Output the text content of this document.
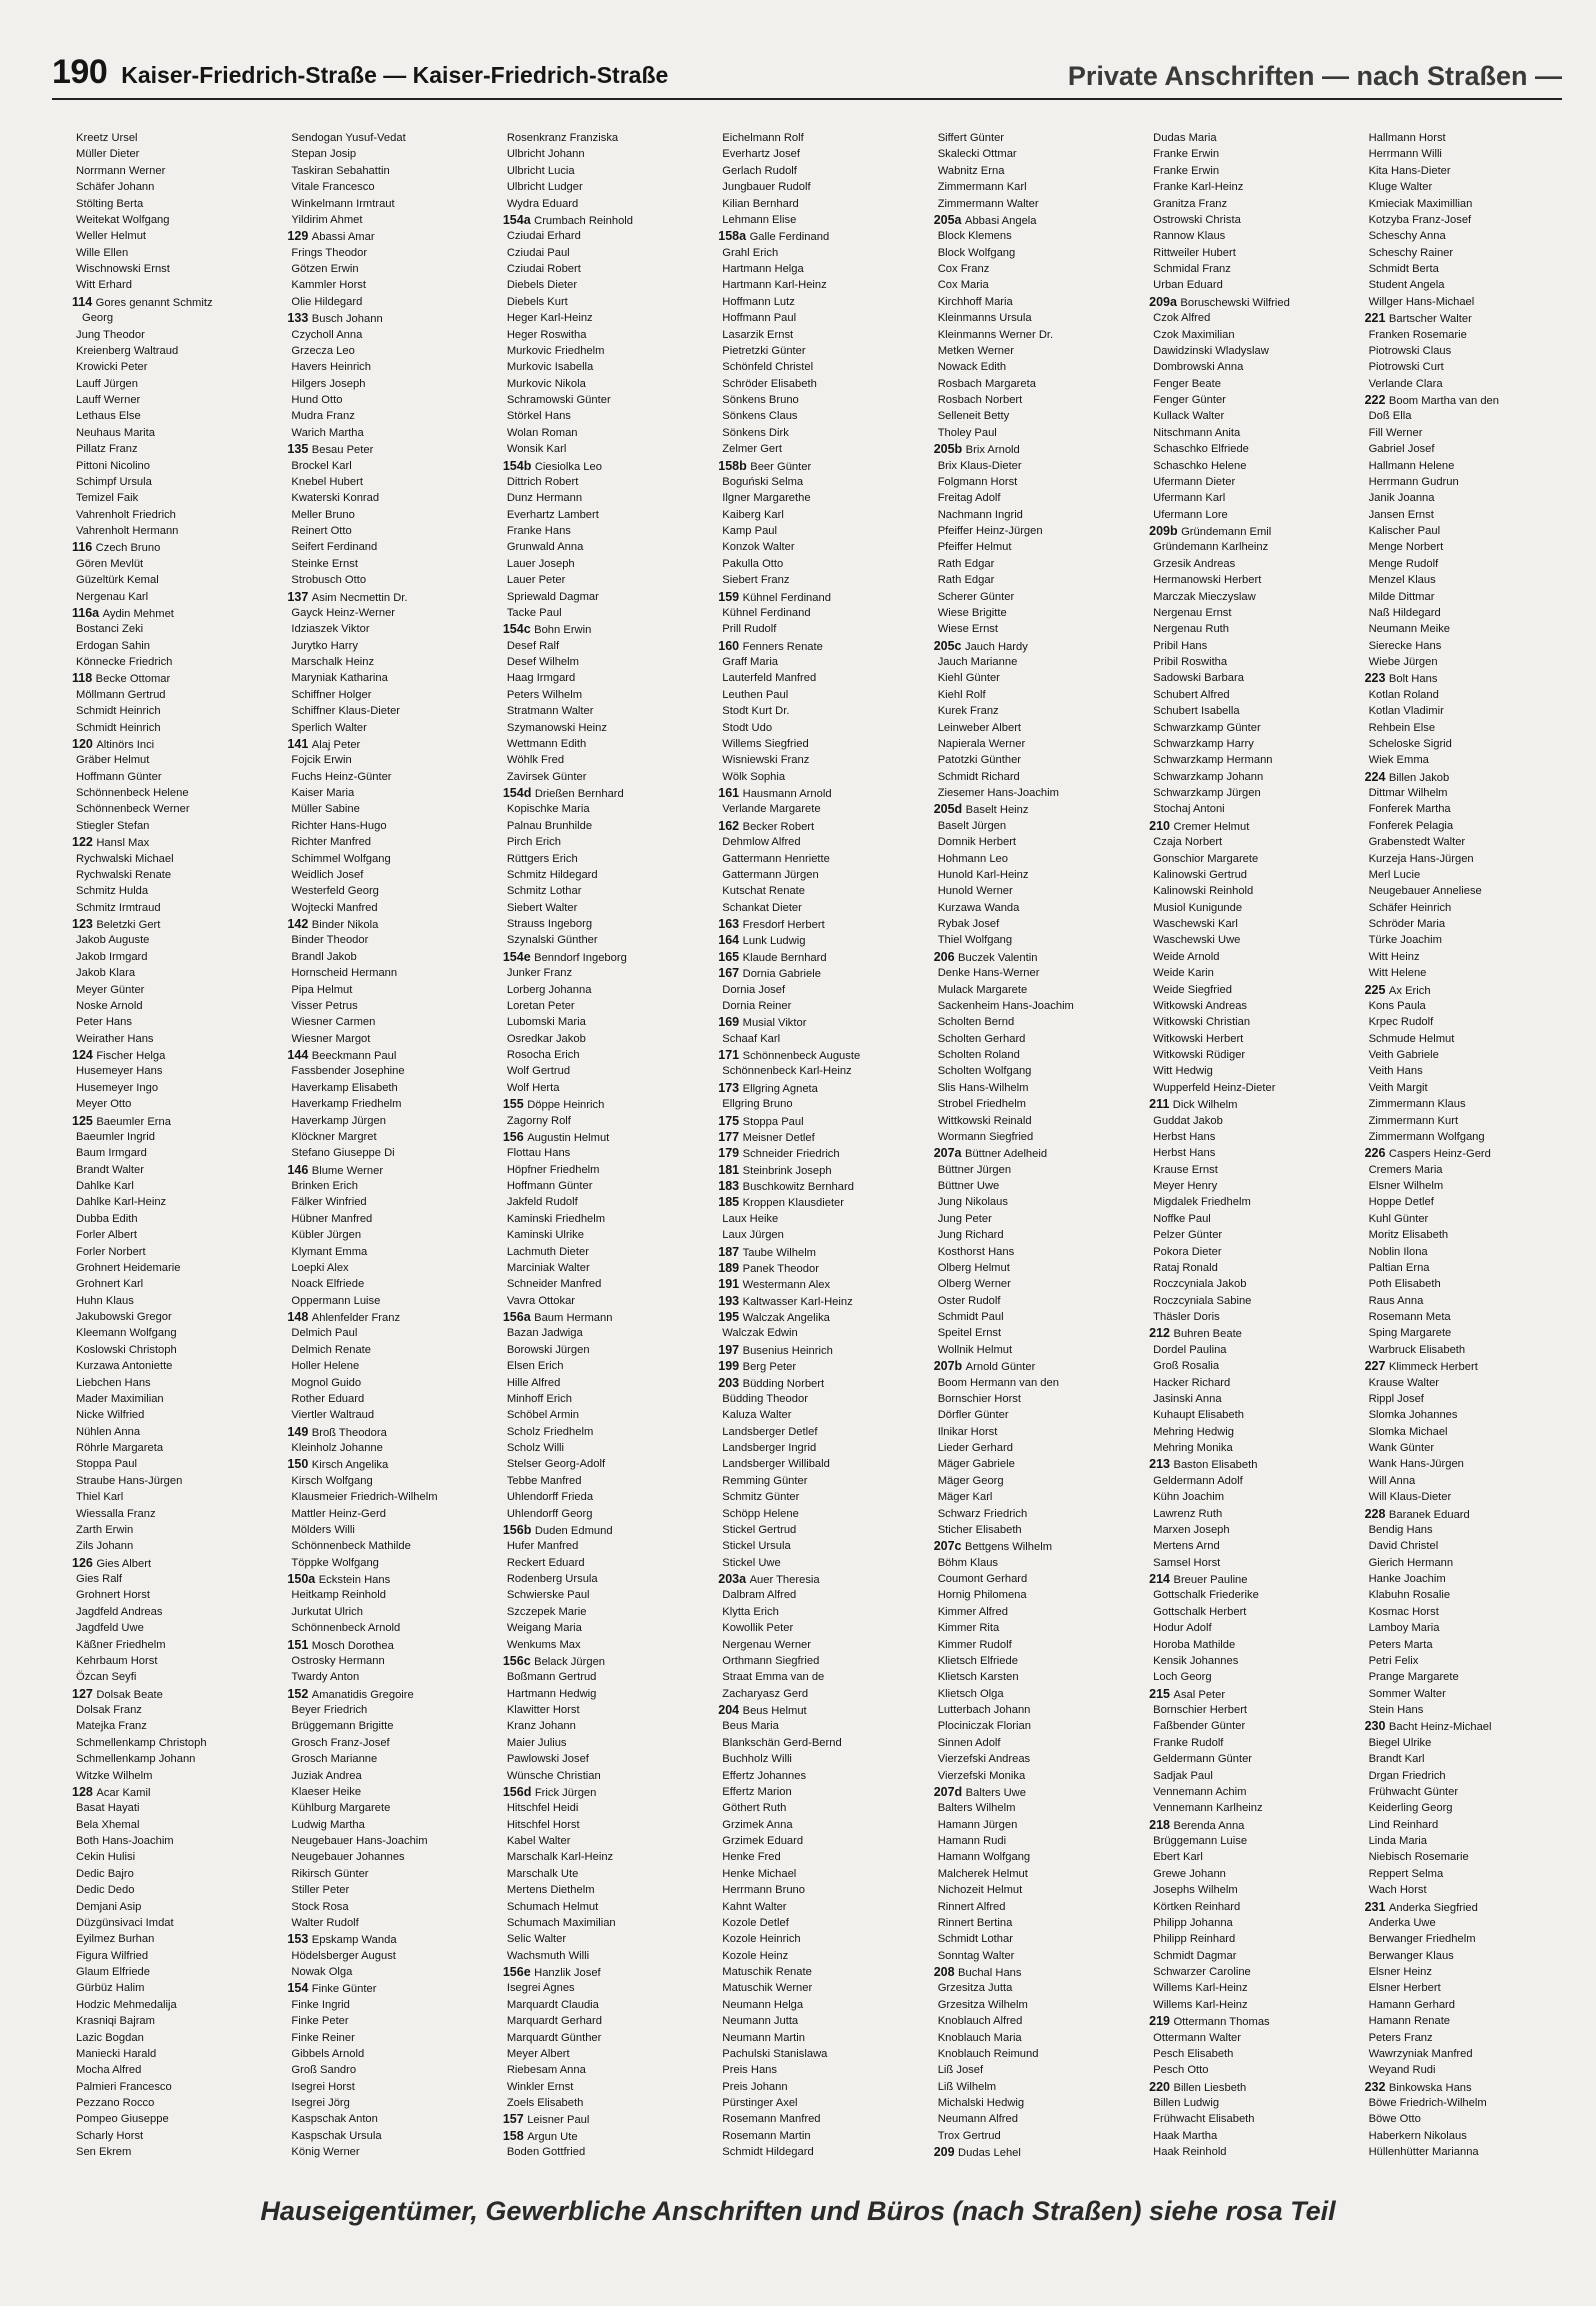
190 Kaiser-Friedrich-Straße — Kaiser-Friedrich-Straße	Private Anschriften — nach Straßen —
Kreetz Ursel
Müller Dieter
Norrmann Werner
Schäfer Johann
Stölting Berta
Weitekat Wolfgang
Weller Helmut
Wille Ellen
Wischnowski Ernst
Witt Erhard
114 Gores genannt Schmitz
Georg
Jung Theodor
Kreienberg Waltraud
Krowicki Peter
Lauff Jürgen
Lauff Werner
Lethaus Else
Neuhaus Marita
Pillatz Franz
Pittoni Nicolino
Schimpf Ursula
Temizel Faik
Vahrenholt Friedrich
Vahrenholt Hermann
116 Czech Bruno
Gören Mevlüt
Güzeltürk Kemal
Nergenau Karl
116a Aydin Mehmet
Bostanci Zeki
Erdogan Sahin
Könnecke Friedrich
118 Becke Ottomar
Möllmann Gertrud
Schmidt Heinrich
Schmidt Heinrich
120 Altinörs Inci
Gräber Helmut
Hoffmann Günter
Schönnenbeck Helene
Schönnenbeck Werner
Stiegler Stefan
122 Hansl Max
Rychwalski Michael
Rychwalski Renate
Schmitz Hulda
Schmitz Irmtraud
123 Beletzki Gert
Jakob Auguste
Jakob Irmgard
Jakob Klara
Meyer Günter
Noske Arnold
Peter Hans
Weirather Hans
124 Fischer Helga
Husemeyer Hans
Husemeyer Ingo
Meyer Otto
125 Baeumler Erna
Baeumler Ingrid
Baum Irmgard
Brandt Walter
Dahlke Karl
Dahlke Karl-Heinz
Dubba Edith
Forler Albert
Forler Norbert
Grohnert Heidemarie
Grohnert Karl
Huhn Klaus
Jakubowski Gregor
Kleemann Wolfgang
Koslowski Christoph
Kurzawa Antoniette
Liebchen Hans
Mader Maximilian
Nicke Wilfried
Nühlen Anna
Röhrle Margareta
Stoppa Paul
Straube Hans-Jürgen
Thiel Karl
Wiessalla Franz
Zarth Erwin
Zils Johann
126 Gies Albert
Gies Ralf
Grohnert Horst
Jagdfeld Andreas
Jagdfeld Uwe
Käßner Friedhelm
Kehrbaum Horst
Özcan Seyfi
127 Dolsak Beate
Dolsak Franz
Matejka Franz
Schmellenkamp Christoph
Schmellenkamp Johann
Witzke Wilhelm
128 Acar Kamil
Basat Hayati
Bela Xhemal
Both Hans-Joachim
Cekin Hulisi
Dedic Bajro
Dedic Dedo
Demjani Asip
Düzgünsivaci Imdat
Eyilmez Burhan
Figura Wilfried
Glaum Elfriede
Gürbüz Halim
Hodzic Mehmedalija
Krasniqi Bajram
Lazic Bogdan
Maniecki Harald
Mocha Alfred
Palmieri Francesco
Pezzano Rocco
Pompeo Giuseppe
Scharly Horst
Sen Ekrem
Sendogan Yusuf-Vedat
Stepan Josip
Taskiran Sebahattin
Vitale Francesco
Winkelmann Irmtraut
Yildirim Ahmet
129 Abassi Amar
Frings Theodor
Götzen Erwin
Kammler Horst
Olie Hildegard
133 Busch Johann
Czycholl Anna
Grzecza Leo
Havers Heinrich
Hilgers Joseph
Hund Otto
Mudra Franz
Warich Martha
135 Besau Peter
Brockel Karl
Knebel Hubert
Kwaterski Konrad
Meller Bruno
Reinert Otto
Seifert Ferdinand
Steinke Ernst
Strobusch Otto
137 Asim Necmettin Dr.
Gayck Heinz-Werner
Idziaszek Viktor
Jurytko Harry
Marschalk Heinz
Maryniak Katharina
Schiffner Holger
Schiffner Klaus-Dieter
Sperlich Walter
141 Alaj Peter
Fojcik Erwin
Fuchs Heinz-Günter
Kaiser Maria
Müller Sabine
Richter Hans-Hugo
Richter Manfred
Schimmel Wolfgang
Weidlich Josef
Westerfeld Georg
Wojtecki Manfred
142 Binder Nikola
Binder Theodor
Brandl Jakob
Hornscheid Hermann
Pipa Helmut
Visser Petrus
Wiesner Carmen
Wiesner Margot
144 Beeckmann Paul
Fassbender Josephine
Haverkamp Elisabeth
Haverkamp Friedhelm
Haverkamp Jürgen
Klöckner Margret
Stefano Giuseppe Di
146 Blume Werner
Brinken Erich
Fälker Winfried
Hübner Manfred
Kübler Jürgen
Klymant Emma
Loepki Alex
Noack Elfriede
Oppermann Luise
148 Ahlenfelder Franz
Delmich Paul
Delmich Renate
Holler Helene
Mognol Guido
Rother Eduard
Viertler Waltraud
149 Broß Theodora
Kleinholz Johanne
150 Kirsch Angelika
Kirsch Wolfgang
Klausmeier Friedrich-Wilhelm
Mattler Heinz-Gerd
Mölders Willi
Schönnenbeck Mathilde
Töppke Wolfgang
150a Eckstein Hans
Heitkamp Reinhold
Jurkutat Ulrich
Schönnenbeck Arnold
151 Mosch Dorothea
Ostrosky Hermann
Twardy Anton
152 Amanatidis Gregoire
Beyer Friedrich
Brüggemann Brigitte
Grosch Franz-Josef
Grosch Marianne
Juziak Andrea
Klaeser Heike
Kühlburg Margarete
Ludwig Martha
Neugebauer Hans-Joachim
Neugebauer Johannes
Rikirsch Günter
Stiller Peter
Stock Rosa
Walter Rudolf
153 Epskamp Wanda
Hödelsberger August
Nowak Olga
154 Finke Günter
Finke Ingrid
Finke Peter
Finke Reiner
Gibbels Arnold
Groß Sandro
Isegrei Horst
Isegrei Jörg
Kaspschak Anton
Kaspschak Ursula
König Werner
Rosenkranz Franziska
Ulbricht Johann
Ulbricht Lucia
Ulbricht Ludger
Wydra Eduard
154a Crumbach Reinhold
Cziudai Erhard
Cziudai Paul
Cziudai Robert
Diebels Dieter
Diebels Kurt
Heger Karl-Heinz
Heger Roswitha
Murkovic Friedhelm
Murkovic Isabella
Murkovic Nikola
Schramowski Günter
Störkel Hans
Wolan Roman
Wonsik Karl
154b Ciesiolka Leo
Dittrich Robert
Dunz Hermann
Everhartz Lambert
Franke Hans
Grunwald Anna
Lauer Joseph
Lauer Peter
Spriewald Dagmar
Tacke Paul
154c Bohn Erwin
Desef Ralf
Desef Wilhelm
Haag Irmgard
Peters Wilhelm
Stratmann Walter
Szymanowski Heinz
Wettmann Edith
Wöhlk Fred
Zavirsek Günter
154d Drießen Bernhard
Kopischke Maria
Palnau Brunhilde
Pirch Erich
Rüttgers Erich
Schmitz Hildegard
Schmitz Lothar
Siebert Walter
Strauss Ingeborg
Szynalski Günther
154e Benndorf Ingeborg
Junker Franz
Lorberg Johanna
Loretan Peter
Lubomski Maria
Osredkar Jakob
Rosocha Erich
Wolf Gertrud
Wolf Herta
155 Döppe Heinrich
Zagorny Rolf
156 Augustin Helmut
Flottau Hans
Höpfner Friedhelm
Hoffmann Günter
Jakfeld Rudolf
Kaminski Friedhelm
Kaminski Ulrike
Lachmuth Dieter
Marciniak Walter
Schneider Manfred
Vavra Ottokar
156a Baum Hermann
Bazan Jadwiga
Borowski Jürgen
Elsen Erich
Hille Alfred
Minhoff Erich
Schöbel Armin
Scholz Friedhelm
Scholz Willi
Stelser Georg-Adolf
Tebbe Manfred
Uhlendorff Frieda
Uhlendorff Georg
156b Duden Edmund
Hufer Manfred
Reckert Eduard
Rodenberg Ursula
Schwierske Paul
Szczepek Marie
Weigang Maria
Wenkums Max
156c Belack Jürgen
Boßmann Gertrud
Hartmann Hedwig
Klawitter Horst
Kranz Johann
Maier Julius
Pawlowski Josef
Wünsche Christian
156d Frick Jürgen
Hitschfel Heidi
Hitschfel Horst
Kabel Walter
Marschalk Karl-Heinz
Marschalk Ute
Mertens Diethelm
Schumach Helmut
Schumach Maximilian
Selic Walter
Wachsmuth Willi
156e Hanzlik Josef
Isegrei Agnes
Marquardt Claudia
Marquardt Gerhard
Marquardt Günther
Meyer Albert
Riebesam Anna
Winkler Ernst
Zoels Elisabeth
157 Leisner Paul
158 Argun Ute
Boden Gottfried
Eichelmann Rolf
Everhartz Josef
Gerlach Rudolf
Jungbauer Rudolf
Kilian Bernhard
Lehmann Elise
158a Galle Ferdinand
Grahl Erich
Hartmann Helga
Hartmann Karl-Heinz
Hoffmann Lutz
Hoffmann Paul
Lasarzik Ernst
Pietretzki Günter
Schönfeld Christel
Schröder Elisabeth
Sönkens Bruno
Sönkens Claus
Sönkens Dirk
Zelmer Gert
158b Beer Günter
Boguński Selma
Ilgner Margarethe
Kaiberg Karl
Kamp Paul
Konzok Walter
Pakulla Otto
Siebert Franz
159 Kühnel Ferdinand
Kühnel Ferdinand
Prill Rudolf
160 Fenners Renate
Graff Maria
Lauterfeld Manfred
Leuthen Paul
Stodt Kurt Dr.
Stodt Udo
Willems Siegfried
Wisniewski Franz
Wölk Sophia
161 Hausmann Arnold
Verlande Margarete
162 Becker Robert
Dehmlow Alfred
Gattermann Henriette
Gattermann Jürgen
Kutschat Renate
Schankat Dieter
163 Fresdorf Herbert
164 Lunk Ludwig
165 Klaude Bernhard
167 Dornia Gabriele
Dornia Josef
Dornia Reiner
169 Musial Viktor
Schaaf Karl
171 Schönnenbeck Auguste
Schönnenbeck Karl-Heinz
173 Ellgring Agneta
Ellgring Bruno
175 Stoppa Paul
177 Meisner Detlef
179 Schneider Friedrich
181 Steinbrink Joseph
183 Buschkowitz Bernhard
185 Kroppen Klausdieter
Laux Heike
Laux Jürgen
187 Taube Wilhelm
189 Panek Theodor
191 Westermann Alex
193 Kaltwasser Karl-Heinz
195 Walczak Angelika
Walczak Edwin
197 Busenius Heinrich
199 Berg Peter
203 Büdding Norbert
Büdding Theodor
Kaluza Walter
Landsberger Detlef
Landsberger Ingrid
Landsberger Willibald
Remming Günter
Schmitz Günter
Schöpp Helene
Stickel Gertrud
Stickel Ursula
Stickel Uwe
203a Auer Theresia
Dalbram Alfred
Klytta Erich
Kowollik Peter
Nergenau Werner
Orthmann Siegfried
Straat Emma van de
Zacharyasz Gerd
204 Beus Helmut
Beus Maria
Blankschän Gerd-Bernd
Buchholz Willi
Effertz Johannes
Effertz Marion
Göthert Ruth
Grzimek Anna
Grzimek Eduard
Henke Fred
Henke Michael
Herrmann Bruno
Kahnt Walter
Kozole Detlef
Kozole Heinrich
Kozole Heinz
Matuschik Renate
Matuschik Werner
Neumann Helga
Neumann Jutta
Neumann Martin
Pachulski Stanislawa
Preis Hans
Preis Johann
Pürstinger Axel
Rosemann Manfred
Rosemann Martin
Schmidt Hildegard
Siffert Günter
Skalecki Ottmar
Wabnitz Erna
Zimmermann Karl
Zimmermann Walter
205a Abbasi Angela
Block Klemens
Block Wolfgang
Cox Franz
Cox Maria
Kirchhoff Maria
Kleinmanns Ursula
Kleinmanns Werner Dr.
Metken Werner
Nowack Edith
Rosbach Margareta
Rosbach Norbert
Selleneit Betty
Tholey Paul
205b Brix Arnold
Brix Klaus-Dieter
Folgmann Horst
Freitag Adolf
Nachmann Ingrid
Pfeiffer Heinz-Jürgen
Pfeiffer Helmut
Rath Edgar
Rath Edgar
Scherer Günter
Wiese Brigitte
Wiese Ernst
205c Jauch Hardy
Jauch Marianne
Kiehl Günter
Kiehl Rolf
Kurek Franz
Leinweber Albert
Napierala Werner
Patotzki Günther
Schmidt Richard
Ziesemer Hans-Joachim
205d Baselt Heinz
Baselt Jürgen
Domnik Herbert
Hohmann Leo
Hunold Karl-Heinz
Hunold Werner
Kurzawa Wanda
Rybak Josef
Thiel Wolfgang
206 Buczek Valentin
Denke Hans-Werner
Mulack Margarete
Sackenheim Hans-Joachim
Scholten Bernd
Scholten Gerhard
Scholten Roland
Scholten Wolfgang
Slis Hans-Wilhelm
Strobel Friedhelm
Wittkowski Reinald
Wormann Siegfried
207a Büttner Adelheid
Büttner Jürgen
Büttner Uwe
Jung Nikolaus
Jung Peter
Jung Richard
Kosthorst Hans
Olberg Helmut
Olberg Werner
Oster Rudolf
Schmidt Paul
Speitel Ernst
Wollnik Helmut
207b Arnold Günter
Boom Hermann van den
Bornschier Horst
Dörfler Günter
Ilnikar Horst
Lieder Gerhard
Mäger Gabriele
Mäger Georg
Mäger Karl
Schwarz Friedrich
Sticher Elisabeth
207c Bettgens Wilhelm
Böhm Klaus
Coumont Gerhard
Hornig Philomena
Kimmer Alfred
Kimmer Rita
Kimmer Rudolf
Klietsch Elfriede
Klietsch Karsten
Klietsch Olga
Lutterbach Johann
Plociniczak Florian
Sinnen Adolf
Vierzefski Andreas
Vierzefski Monika
207d Balters Uwe
Balters Wilhelm
Hamann Jürgen
Hamann Rudi
Hamann Wolfgang
Malcherek Helmut
Nichozeit Helmut
Rinnert Alfred
Rinnert Bertina
Schmidt Lothar
Sonntag Walter
208 Buchal Hans
Grzesitza Jutta
Grzesitza Wilhelm
Knoblauch Alfred
Knoblauch Maria
Knoblauch Reimund
Liß Josef
Liß Wilhelm
Michalski Hedwig
Neumann Alfred
Trox Gertrud
209 Dudas Lehel
Dudas Maria
Franke Erwin
Franke Erwin
Franke Karl-Heinz
Granitza Franz
Ostrowski Christa
Rannow Klaus
Rittweiler Hubert
Schmidal Franz
Urban Eduard
209a Boruschewski Wilfried
Czok Alfred
Czok Maximilian
Dawidzinski Wladyslaw
Dombrowski Anna
Fenger Beate
Fenger Günter
Kullack Walter
Nitschmann Anita
Schaschko Elfriede
Schaschko Helene
Ufermann Dieter
Ufermann Karl
Ufermann Lore
209b Gründemann Emil
Gründemann Karlheinz
Grzesik Andreas
Hermanowski Herbert
Marczak Mieczyslaw
Nergenau Ernst
Nergenau Ruth
Pribil Hans
Pribil Roswitha
Sadowski Barbara
Schubert Alfred
Schubert Isabella
Schwarzkamp Günter
Schwarzkamp Harry
Schwarzkamp Hermann
Schwarzkamp Johann
Schwarzkamp Jürgen
Stochaj Antoni
210 Cremer Helmut
Czaja Norbert
Gonschior Margarete
Kalinowski Gertrud
Kalinowski Reinhold
Musiol Kunigunde
Waschewski Karl
Waschewski Uwe
Weide Arnold
Weide Karin
Weide Siegfried
Witkowski Andreas
Witkowski Christian
Witkowski Herbert
Witkowski Rüdiger
Witt Hedwig
Wupperfeld Heinz-Dieter
211 Dick Wilhelm
Guddat Jakob
Herbst Hans
Herbst Hans
Krause Ernst
Meyer Henry
Migdalek Friedhelm
Noffke Paul
Pelzer Günter
Pokora Dieter
Rataj Ronald
Roczcyniala Jakob
Roczcyniala Sabine
Thäsler Doris
212 Buhren Beate
Dordel Paulina
Groß Rosalia
Hacker Richard
Jasinski Anna
Kuhaupt Elisabeth
Mehring Hedwig
Mehring Monika
213 Baston Elisabeth
Geldermann Adolf
Kühn Joachim
Lawrenz Ruth
Marxen Joseph
Mertens Arnd
Samsel Horst
214 Breuer Pauline
Gottschalk Friederike
Gottschalk Herbert
Hodur Adolf
Horoba Mathilde
Kensik Johannes
Loch Georg
215 Asal Peter
Bornschier Herbert
Faßbender Günter
Franke Rudolf
Geldermann Günter
Sadjak Paul
Vennemann Achim
Vennemann Karlheinz
218 Berenda Anna
Brüggemann Luise
Ebert Karl
Grewe Johann
Josephs Wilhelm
Körtken Reinhard
Philipp Johanna
Philipp Reinhard
Schmidt Dagmar
Schwarzer Caroline
Willems Karl-Heinz
Willems Karl-Heinz
219 Ottermann Thomas
Ottermann Walter
Pesch Elisabeth
Pesch Otto
220 Billen Liesbeth
Billen Ludwig
Frühwacht Elisabeth
Haak Martha
Haak Reinhold
Hallmann Horst
Herrmann Willi
Kita Hans-Dieter
Kluge Walter
Kmieciak Maximillian
Kotzyba Franz-Josef
Scheschy Anna
Scheschy Rainer
Schmidt Berta
Student Angela
Willger Hans-Michael
221 Bartscher Walter
Franken Rosemarie
Piotrowski Claus
Piotrowski Curt
Verlande Clara
222 Boom Martha van den
Doß Ella
Fill Werner
Gabriel Josef
Hallmann Helene
Herrmann Gudrun
Janik Joanna
Jansen Ernst
Kalischer Paul
Menge Norbert
Menge Rudolf
Menzel Klaus
Milde Dittmar
Naß Hildegard
Neumann Meike
Sierecke Hans
Wiebe Jürgen
223 Bolt Hans
Kotlan Roland
Kotlan Vladimir
Rehbein Else
Scheloske Sigrid
Wiek Emma
224 Billen Jakob
Dittmar Wilhelm
Fonferek Martha
Fonferek Pelagia
Grabenstedt Walter
Kurzeja Hans-Jürgen
Merl Lucie
Neugebauer Anneliese
Schäfer Heinrich
Schröder Maria
Türke Joachim
Witt Heinz
Witt Helene
225 Ax Erich
Kons Paula
Krpec Rudolf
Schmude Helmut
Veith Gabriele
Veith Hans
Veith Margit
Zimmermann Klaus
Zimmermann Kurt
Zimmermann Wolfgang
226 Caspers Heinz-Gerd
Cremers Maria
Elsner Wilhelm
Hoppe Detlef
Kuhl Günter
Moritz Elisabeth
Noblin Ilona
Paltian Erna
Poth Elisabeth
Raus Anna
Rosemann Meta
Sping Margarete
Warbruck Elisabeth
227 Klimmeck Herbert
Krause Walter
Rippl Josef
Slomka Johannes
Slomka Michael
Wank Günter
Wank Hans-Jürgen
Will Anna
Will Klaus-Dieter
228 Baranek Eduard
Bendig Hans
David Christel
Gierich Hermann
Hanke Joachim
Klabuhn Rosalie
Kosmac Horst
Lamboy Maria
Peters Marta
Petri Felix
Prange Margarete
Sommer Walter
Stein Hans
230 Bacht Heinz-Michael
Biegel Ulrike
Brandt Karl
Drgan Friedrich
Frühwacht Günter
Keiderling Georg
Lind Reinhard
Linda Maria
Niebisch Rosemarie
Reppert Selma
Wach Horst
231 Anderka Siegfried
Anderka Uwe
Berwanger Friedhelm
Berwanger Klaus
Elsner Heinz
Elsner Herbert
Hamann Gerhard
Hamann Renate
Peters Franz
Wawrzyniak Manfred
Weyand Rudi
232 Binkowska Hans
Böwe Friedrich-Wilhelm
Böwe Otto
Haberkern Nikolaus
Hüllenhütter Marianna
Hauseigentümer, Gewerbliche Anschriften und Büros (nach Straßen) siehe rosa Teil
